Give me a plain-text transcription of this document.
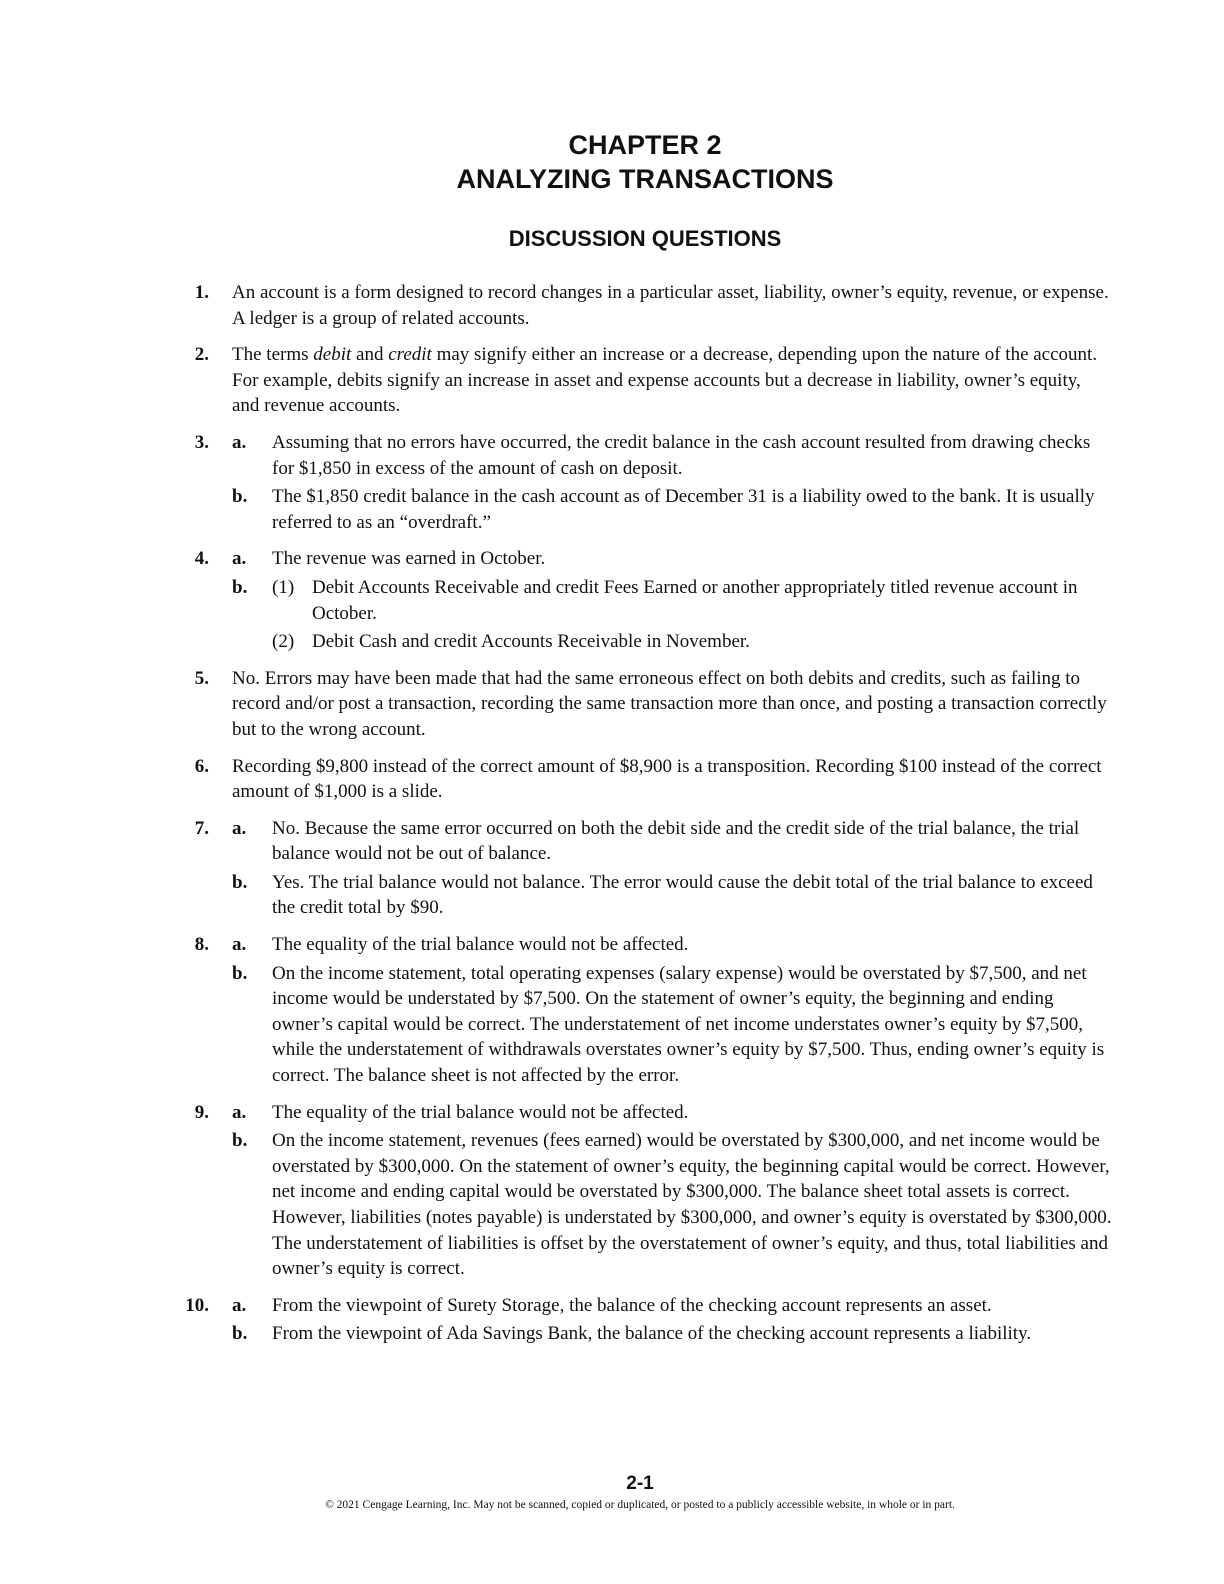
CHAPTER 2
ANALYZING TRANSACTIONS
DISCUSSION QUESTIONS
1. An account is a form designed to record changes in a particular asset, liability, owner’s equity, revenue, or expense. A ledger is a group of related accounts.

2. The terms debit and credit may signify either an increase or a decrease, depending upon the nature of the account. For example, debits signify an increase in asset and expense accounts but a decrease in liability, owner’s equity, and revenue accounts.

3. a. Assuming that no errors have occurred, the credit balance in the cash account resulted from drawing checks for $1,850 in excess of the amount of cash on deposit.

b. The $1,850 credit balance in the cash account as of December 31 is a liability owed to the bank. It is usually referred to as an “overdraft.”

4. a. The revenue was earned in October.

b. (1) Debit Accounts Receivable and credit Fees Earned or another appropriately titled revenue account in October.

(2) Debit Cash and credit Accounts Receivable in November.

5. No. Errors may have been made that had the same erroneous effect on both debits and credits, such as failing to record and/or post a transaction, recording the same transaction more than once, and posting a transaction correctly but to the wrong account.

6. Recording $9,800 instead of the correct amount of $8,900 is a transposition. Recording $100 instead of the correct amount of $1,000 is a slide.

7. a. No. Because the same error occurred on both the debit side and the credit side of the trial balance, the trial balance would not be out of balance.

b. Yes. The trial balance would not balance. The error would cause the debit total of the trial balance to exceed the credit total by $90.

8. a. The equality of the trial balance would not be affected.

b. On the income statement, total operating expenses (salary expense) would be overstated by $7,500, and net income would be understated by $7,500. On the statement of owner’s equity, the beginning and ending owner’s capital would be correct. The understatement of net income understates owner’s equity by $7,500, while the understatement of withdrawals overstates owner’s equity by $7,500. Thus, ending owner’s equity is correct. The balance sheet is not affected by the error.

9. a. The equality of the trial balance would not be affected.

b. On the income statement, revenues (fees earned) would be overstated by $300,000, and net income would be overstated by $300,000. On the statement of owner’s equity, the beginning capital would be correct. However, net income and ending capital would be overstated by $300,000. The balance sheet total assets is correct. However, liabilities (notes payable) is understated by $300,000, and owner’s equity is overstated by $300,000. The understatement of liabilities is offset by the overstatement of owner’s equity, and thus, total liabilities and owner’s equity is correct.

10. a. From the viewpoint of Surety Storage, the balance of the checking account represents an asset.

b. From the viewpoint of Ada Savings Bank, the balance of the checking account represents a liability.

2-1
© 2021 Cengage Learning, Inc. May not be scanned, copied or duplicated, or posted to a publicly accessible website, in whole or in part.
